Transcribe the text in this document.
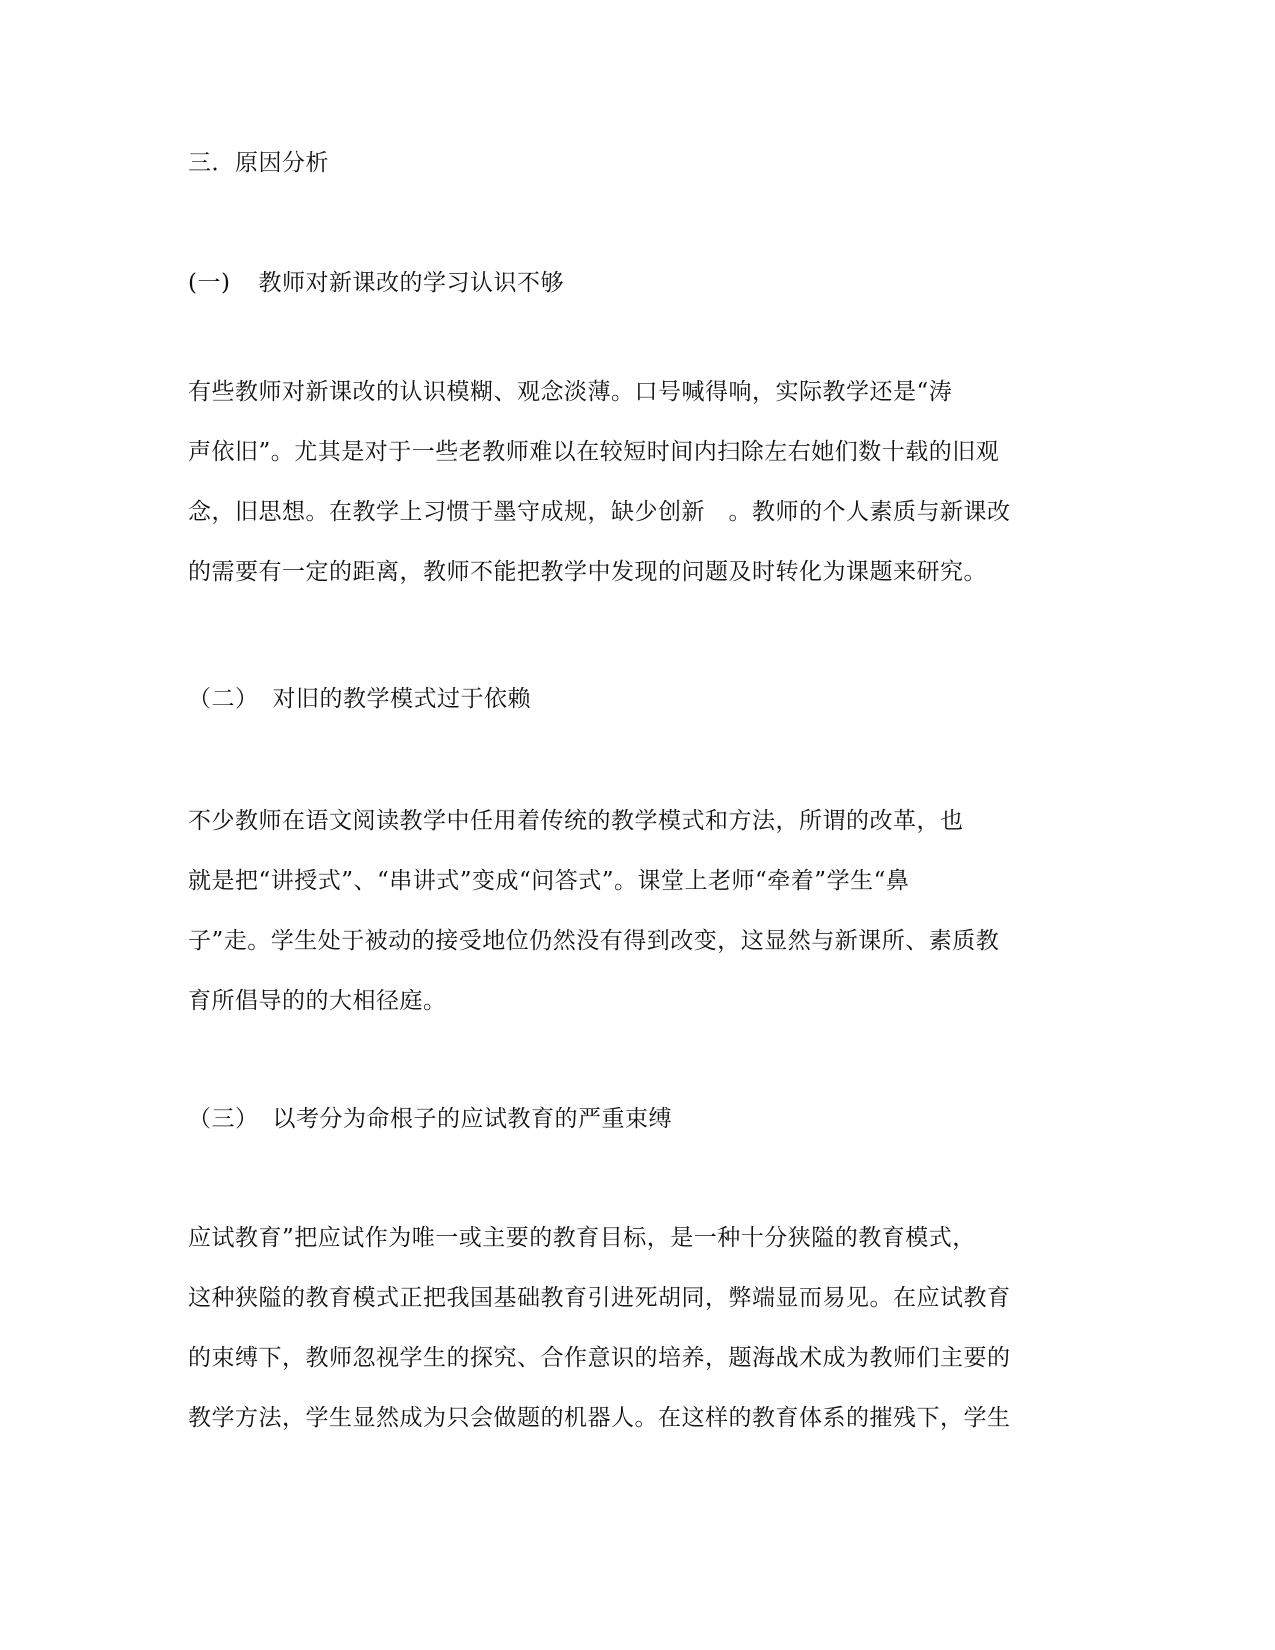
三．原因分析
(一) 教师对新课改的学习认识不够
有些教师对新课改的认识模糊、观念淡薄。口号喊得响，实际教学还是“涛
声依旧”。尤其是对于一些老教师难以在较短时间内扫除左右她们数十载的旧观
念，旧思想。在教学上习惯于墨守成规，缺少创新　。教师的个人素质与新课改
的需要有一定的距离，教师不能把教学中发现的问题及时转化为课题来研究。
（二） 对旧的教学模式过于依赖
不少教师在语文阅读教学中任用着传统的教学模式和方法，所谓的改革，也
就是把“讲授式”、“串讲式”变成“问答式”。课堂上老师“牵着”学生“鼻
子”走。学生处于被动的接受地位仍然没有得到改变，这显然与新课所、素质教
育所倡导的的大相径庭。
（三） 以考分为命根子的应试教育的严重束缚
应试教育”把应试作为唯一或主要的教育目标，是一种十分狭隘的教育模式，
这种狭隘的教育模式正把我国基础教育引进死胡同，弊端显而易见。在应试教育
的束缚下，教师忽视学生的探究、合作意识的培养，题海战术成为教师们主要的
教学方法，学生显然成为只会做题的机器人。在这样的教育体系的摧残下，学生
